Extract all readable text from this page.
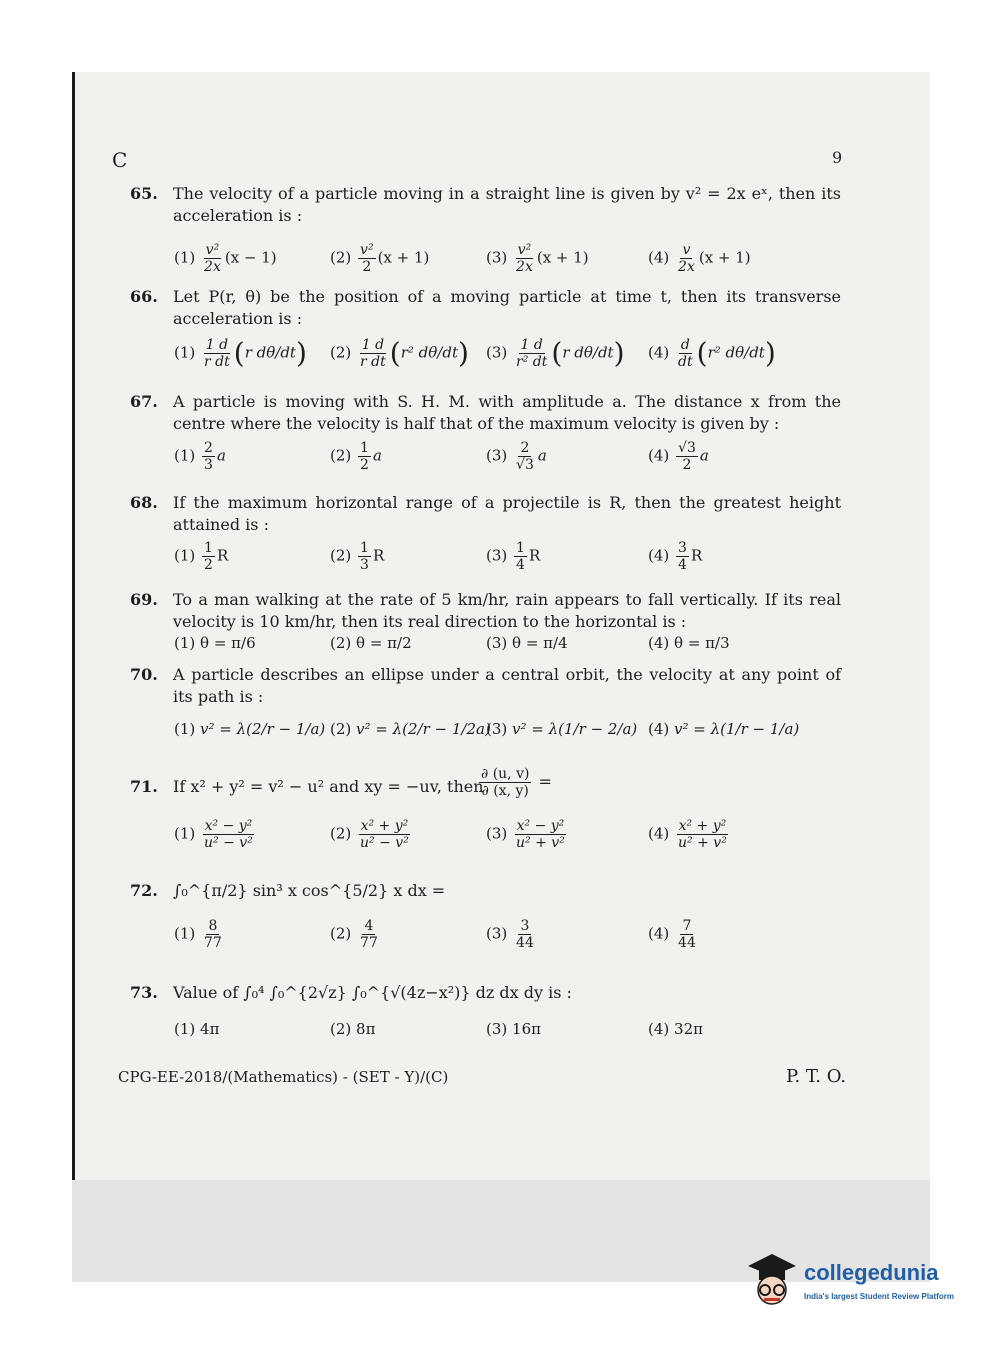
C	9
65. The velocity of a particle moving in a straight line is given by v² = 2x eˣ, then its acceleration is :
$(1) \frac{\text{v²}}{2x} (x - 1)$	$(2) \frac{\text{v²}}{2} (x + 1)$	$(3) \frac{\text{v²}}{2x} (x + 1)$	$(4) \frac{v}{2x} (x + 1)$
66. Let P(r, θ) be the position of a moving particle at time t, then its transverse acceleration is :
$(1) \frac{1 d}{\text{r dt}} (r$ dθ/dt) $(2) \frac{1 d}{\text{r dt}} (r^2$ dθ/dt) $(3) \frac{1 d}{\text{r² dt}} (r$ dθ/dt) $(4) \frac{d}{dt} (r^2$ dθ/dt)
67. A particle is moving with S. H. M. with amplitude a. The distance x from the centre where the velocity is half that of the maximum velocity is given by :
$(1) \frac{2}{3}$ a	$(2) \frac{1}{2}$ a	$(3) \frac{2}{√3}$ a	$(4) \frac{√3}{2}$ a
68. If the maximum horizontal range of a projectile is R, then the greatest height attained is :
$(1) \frac{1}{2}$ R	$(2) \frac{1}{3}$ R	$(3) \frac{1}{4}$ R	$(4) \frac{3}{4}$ R
69. To a man walking at the rate of 5 km/hr, rain appears to fall vertically. If its real velocity is 10 km/hr, then its real direction to the horizontal is :
(1) θ = π/6	(2) θ = π/2	(3) θ = π/4	(4) θ = π/3
70. A particle describes an ellipse under a central orbit, the velocity at any point of its path is :
(1) v² = λ(2/r − 1/a) (2) v² = λ(2/r − 1/2a)
(3) v² = λ(1/r − 2/a) (4) v² = λ(1/r − 1/a)
71. If x² + y² = v² − u² and xy = −uv, then
$\frac{\partial (u, v)}{\partial (x, y)}$ =
$(1) \frac{\text{x² − y²}}{\text{u² − v²}}$	$(2) \frac{\text{x² + y²}}{\text{u² − v²}}$	$(3) \frac{\text{x² − y²}}{\text{u² + v²}}$	$(4) \frac{\text{x² + y²}}{\text{u² + v²}}$
72. ∫₀^{π/2} sin³ x cos^{5/2} x dx =
$(1) \frac{8}{77}$	$(2) \frac{4}{77}$	$(3) \frac{3}{44}$	$(4) \frac{7}{44}$
73. Value of ∫₀⁴ ∫₀^{2√z} ∫₀^{√(4z−x²)} dz dx dy is :
(1) 4π	(2) 8π	(3) 16π	(4) 32π
CPG-EE-2018/(Mathematics) - (SET - Y)/(C)	P. T. O.
collegedunia
India's largest Student Review Platform
